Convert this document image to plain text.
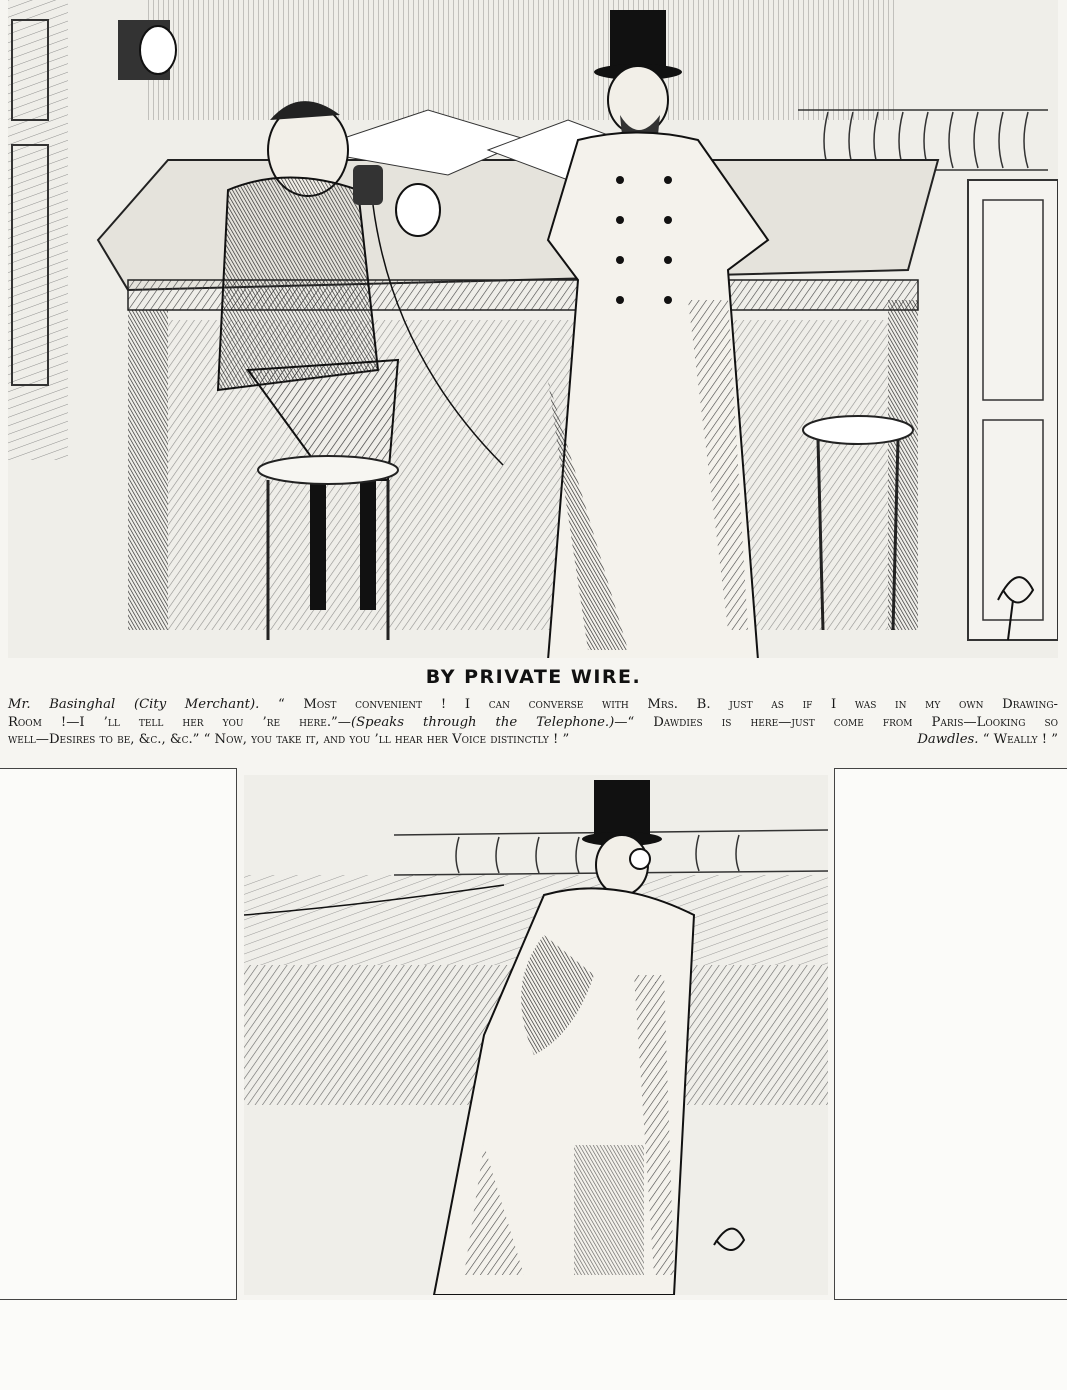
BY PRIVATE WIRE.

Mr. Basinghal (City Merchant). “ Most convenient ! I can converse with Mrs. B. just as if I was in my own Drawing-

Room !—I ’ll tell her you ’re here.”—(Speaks through the Telephone.)—“ Dawdies is here—just come from Paris—Looking so

well—Desires to be, &c., &c.” “ Now, you take it, and you ’ll hear her Voice distinctly ! ”	Dawdles. “ Weally ! ”
